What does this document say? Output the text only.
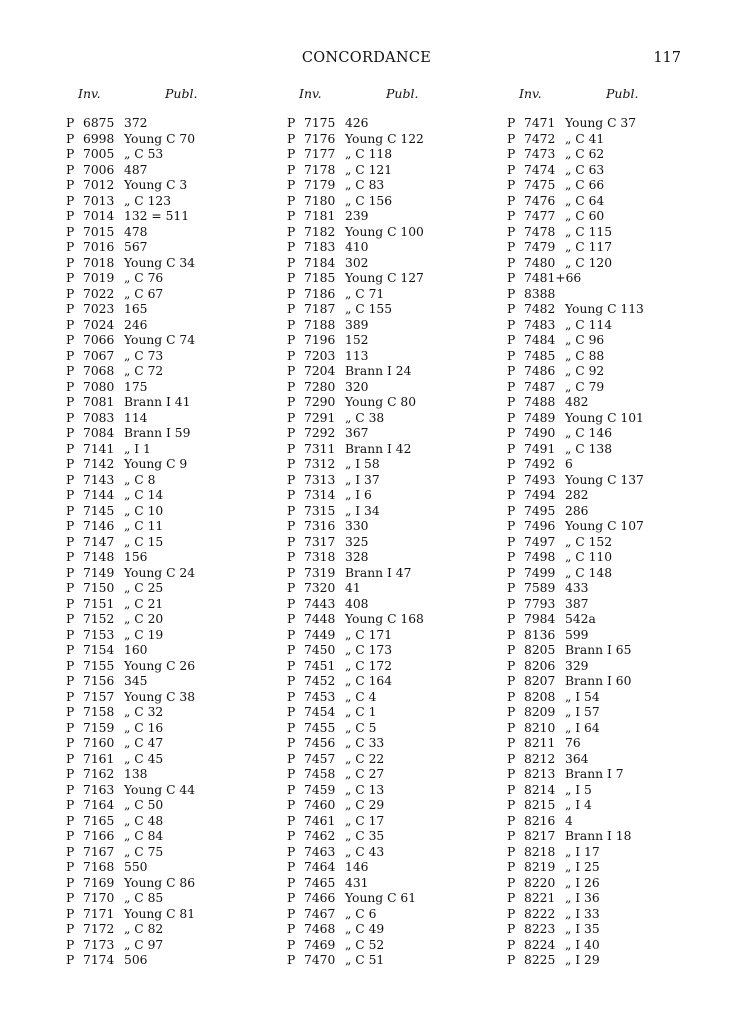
CONCORDANCE	117
Inv.	Publ.
P 6875 372
P 6998 Young C 70
P 7005 „ C 53
P 7006 487
P 7012 Young C 3
P 7013 „ C 123
P 7014 132 = 511
P 7015 478
P 7016 567
P 7018 Young C 34
P 7019 „ C 76
P 7022 „ C 67
P 7023 165
P 7024 246
P 7066 Young C 74
P 7067 „ C 73
P 7068 „ C 72
P 7080 175
P 7081 Brann I 41
P 7083 114
P 7084 Brann I 59
P 7141 „ I 1
P 7142 Young C 9
P 7143 „ C 8
P 7144 „ C 14
P 7145 „ C 10
P 7146 „ C 11
P 7147 „ C 15
P 7148 156
P 7149 Young C 24
P 7150 „ C 25
P 7151 „ C 21
P 7152 „ C 20
P 7153 „ C 19
P 7154 160
P 7155 Young C 26
P 7156 345
P 7157 Young C 38
P 7158 „ C 32
P 7159 „ C 16
P 7160 „ C 47
P 7161 „ C 45
P 7162 138
P 7163 Young C 44
P 7164 „ C 50
P 7165 „ C 48
P 7166 „ C 84
P 7167 „ C 75
P 7168 550
P 7169 Young C 86
P 7170 „ C 85
P 7171 Young C 81
P 7172 „ C 82
P 7173 „ C 97
P 7174 506
Inv.	Publ.
P 7175 426
P 7176 Young C 122
P 7177 „ C 118
P 7178 „ C 121
P 7179 „ C 83
P 7180 „ C 156
P 7181 239
P 7182 Young C 100
P 7183 410
P 7184 302
P 7185 Young C 127
P 7186 „ C 71
P 7187 „ C 155
P 7188 389
P 7196 152
P 7203 113
P 7204 Brann I 24
P 7280 320
P 7290 Young C 80
P 7291 „ C 38
P 7292 367
P 7311 Brann I 42
P 7312 „ I 58
P 7313 „ I 37
P 7314 „ I 6
P 7315 „ I 34
P 7316 330
P 7317 325
P 7318 328
P 7319 Brann I 47
P 7320 41
P 7443 408
P 7448 Young C 168
P 7449 „ C 171
P 7450 „ C 173
P 7451 „ C 172
P 7452 „ C 164
P 7453 „ C 4
P 7454 „ C 1
P 7455 „ C 5
P 7456 „ C 33
P 7457 „ C 22
P 7458 „ C 27
P 7459 „ C 13
P 7460 „ C 29
P 7461 „ C 17
P 7462 „ C 35
P 7463 „ C 43
P 7464 146
P 7465 431
P 7466 Young C 61
P 7467 „ C 6
P 7468 „ C 49
P 7469 „ C 52
P 7470 „ C 51
Inv.	Publ.
P 7471 Young C 37
P 7472 „ C 41
P 7473 „ C 62
P 7474 „ C 63
P 7475 „ C 66
P 7476 „ C 64
P 7477 „ C 60
P 7478 „ C 115
P 7479 „ C 117
P 7480 „ C 120
P 7481+66
P 8388
P 7482 Young C 113
P 7483 „ C 114
P 7484 „ C 96
P 7485 „ C 88
P 7486 „ C 92
P 7487 „ C 79
P 7488 482
P 7489 Young C 101
P 7490 „ C 146
P 7491 „ C 138
P 7492 6
P 7493 Young C 137
P 7494 282
P 7495 286
P 7496 Young C 107
P 7497 „ C 152
P 7498 „ C 110
P 7499 „ C 148
P 7589 433
P 7793 387
P 7984 542a
P 8136 599
P 8205 Brann I 65
P 8206 329
P 8207 Brann I 60
P 8208 „ I 54
P 8209 „ I 57
P 8210 „ I 64
P 8211 76
P 8212 364
P 8213 Brann I 7
P 8214 „ I 5
P 8215 „ I 4
P 8216 4
P 8217 Brann I 18
P 8218 „ I 17
P 8219 „ I 25
P 8220 „ I 26
P 8221 „ I 36
P 8222 „ I 33
P 8223 „ I 35
P 8224 „ I 40
P 8225 „ I 29
